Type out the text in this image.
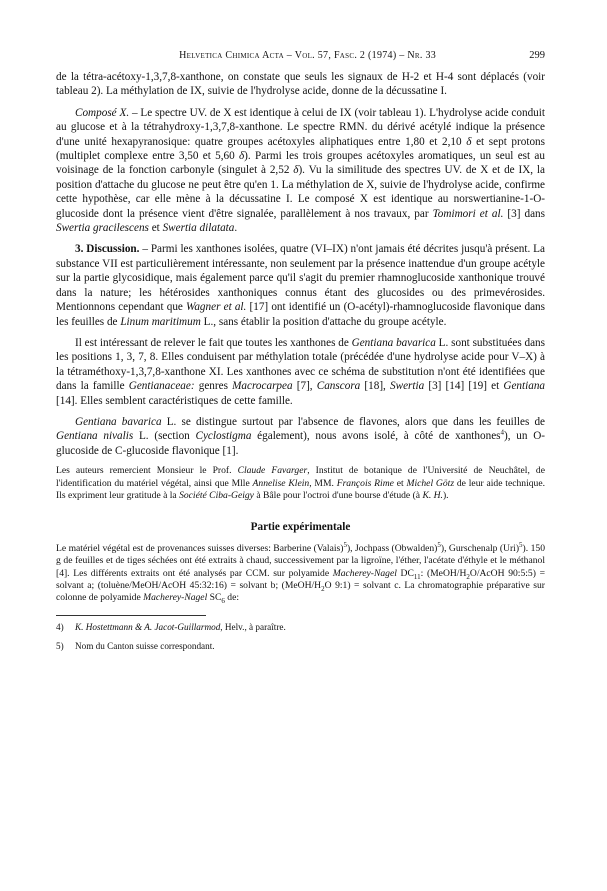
Helvetica Chimica Acta – Vol. 57, Fasc. 2 (1974) – Nr. 33	299

de la tétra-acétoxy-1,3,7,8-xanthone, on constate que seuls les signaux de H-2 et H-4 sont déplacés (voir tableau 2). La méthylation de IX, suivie de l'hydrolyse acide, donne de la décussatine I.

Composé X. – Le spectre UV. de X est identique à celui de IX (voir tableau 1). L'hydrolyse acide conduit au glucose et à la tétrahydroxy-1,3,7,8-xanthone. Le spectre RMN. du dérivé acétylé indique la présence d'une unité hexapyranosique: quatre groupes acétoxyles aliphatiques entre 1,80 et 2,10 δ et sept protons (multiplet complexe entre 3,50 et 5,60 δ). Parmi les trois groupes acétoxyles aromatiques, un seul est au voisinage de la fonction carbonyle (singulet à 2,52 δ). Vu la similitude des spectres UV. de X et de IX, la position d'attache du glucose ne peut être qu'en 1. La méthylation de X, suivie de l'hydrolyse acide, confirme cette hypothèse, car elle mène à la décussatine I. Le composé X est identique au norswertianine-1-O-glucoside dont la présence vient d'être signalée, parallèlement à nos travaux, par Tomimori et al. [3] dans Swertia gracilescens et Swertia dilatata.

3. Discussion. – Parmi les xanthones isolées, quatre (VI–IX) n'ont jamais été décrites jusqu'à présent. La substance VII est particulièrement intéressante, non seulement par la présence inattendue d'un groupe acétyle sur la partie glycosidique, mais également parce qu'il s'agit du premier rhamnoglucoside xanthonique trouvé dans la nature; les hétérosides xanthoniques connus étant des glucosides ou des primevérosides. Mentionnons cependant que Wagner et al. [17] ont identifié un (O-acétyl)-rhamnoglucoside flavonique dans les feuilles de Linum maritimum L., sans établir la position d'attache du groupe acétyle.

Il est intéressant de relever le fait que toutes les xanthones de Gentiana bavarica L. sont substituées dans les positions 1, 3, 7, 8. Elles conduisent par méthylation totale (précédée d'une hydrolyse acide pour V–X) à la tétraméthoxy-1,3,7,8-xanthone XI. Les xanthones avec ce schéma de substitution n'ont été identifiées que dans la famille Gentianaceae: genres Macrocarpea [7], Canscora [18], Swertia [3] [14] [19] et Gentiana [14]. Elles semblent caractéristiques de cette famille.

Gentiana bavarica L. se distingue surtout par l'absence de flavones, alors que dans les feuilles de Gentiana nivalis L. (section Cyclostigma également), nous avons isolé, à côté de xanthones$^4$), un O-glucoside de C-glucoside flavonique [1].

Les auteurs remercient Monsieur le Prof. Claude Favarger, Institut de botanique de l'Université de Neuchâtel, de l'identification du matériel végétal, ainsi que Mlle Annelise Klein, MM. François Rime et Michel Götz de leur aide technique. Ils expriment leur gratitude à la Société Ciba-Geigy à Bâle pour l'octroi d'une bourse d'étude (à K. H.).

Partie expérimentale

Le matériel végétal est de provenances suisses diverses: Barberine (Valais)$^5$), Jochpass (Obwalden)$^5$), Gurschenalp (Uri)$^5$). 150 g de feuilles et de tiges séchées ont été extraits à chaud, successivement par la ligroïne, l'éther, l'acétate d'éthyle et le méthanol [4]. Les différents extraits ont été analysés par CCM. sur polyamide Macherey-Nagel $DC_{11}$: ($MeOH/H_2O$/AcOH 90:5:5) = solvant a; (toluène/MeOH/AcOH 45:32:16) = solvant b; ($MeOH/H_2O$ 9:1) = solvant c. La chromatographie préparative sur colonne de polyamide Macherey-Nagel $SC_6$ de:

4)	K. Hostettmann & A. Jacot-Guillarmod, Helv., à paraître.

5)	Nom du Canton suisse correspondant.
